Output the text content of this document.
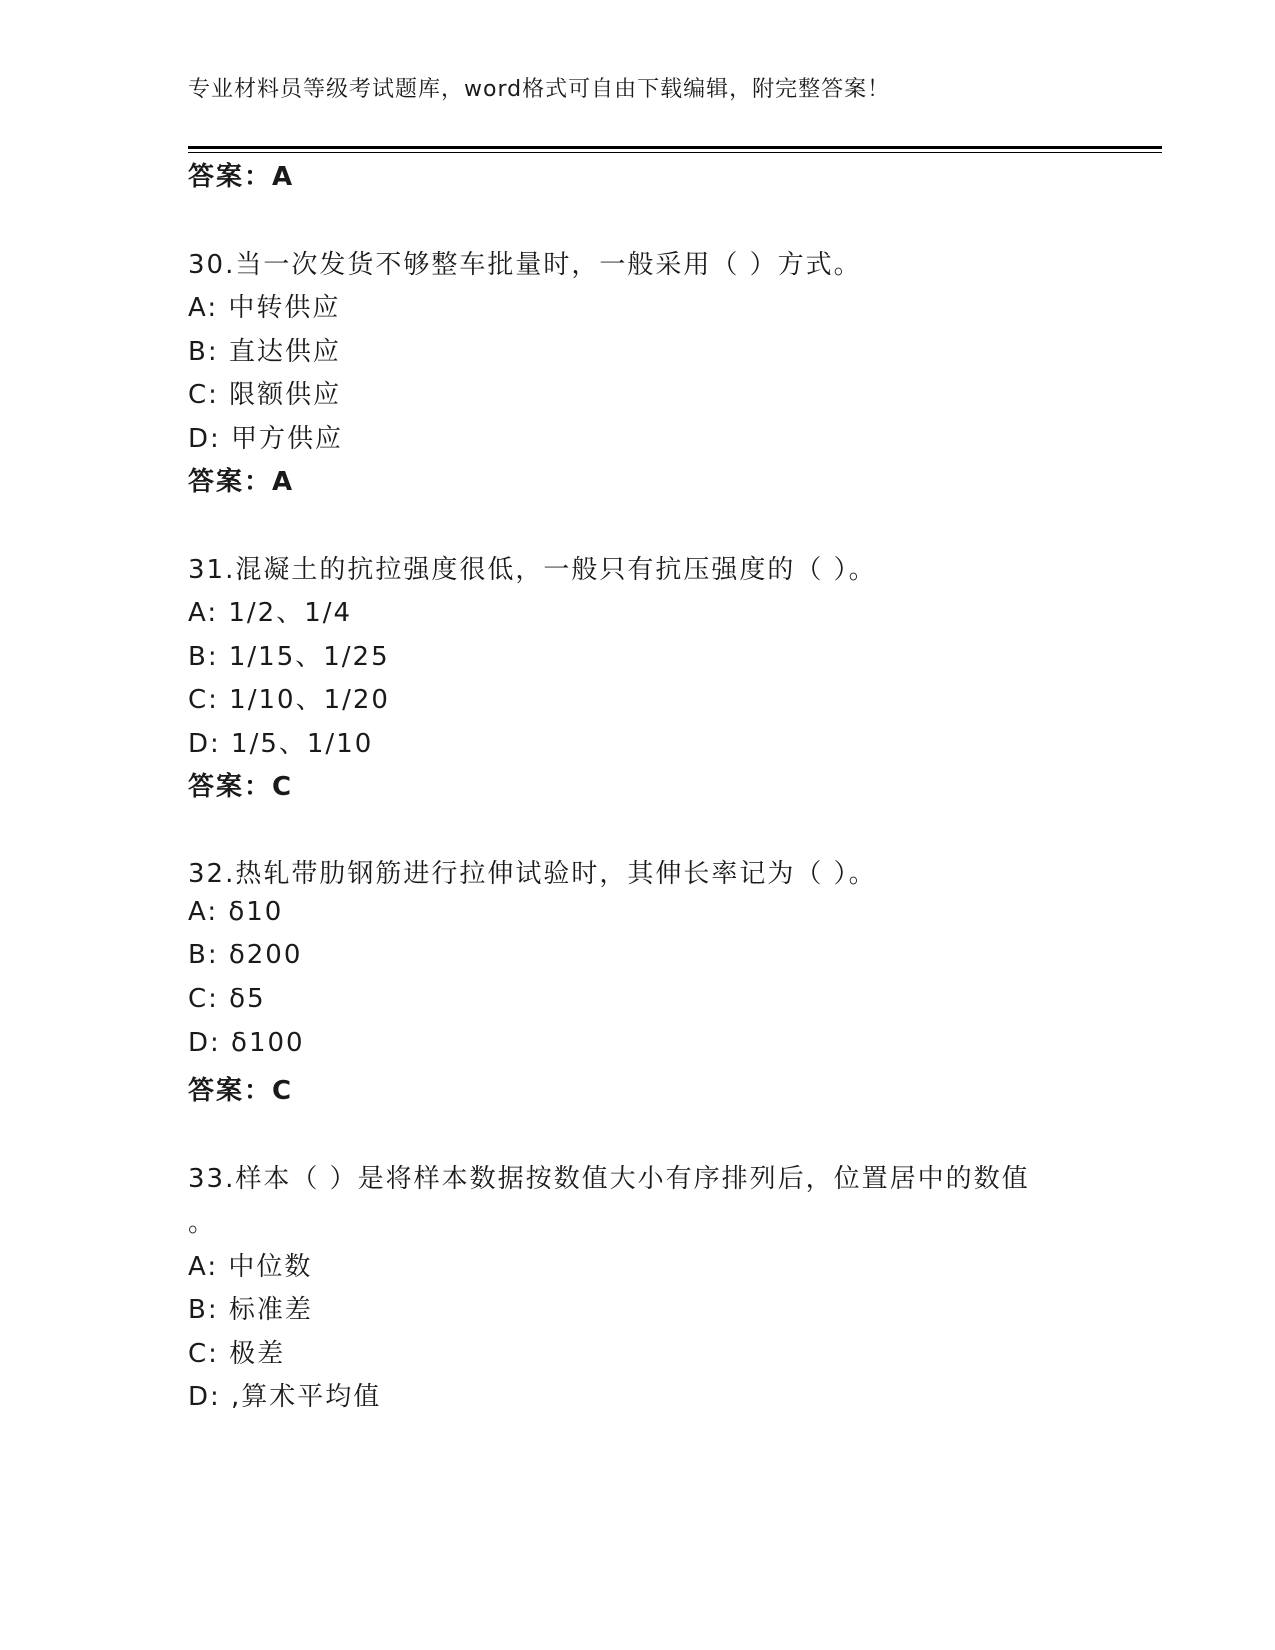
专业材料员等级考试题库，word格式可自由下载编辑，附完整答案！
答案：A
30.当一次发货不够整车批量时，一般采用（ ）方式。
A: 中转供应
B: 直达供应
C: 限额供应
D: 甲方供应
答案：A
31.混凝土的抗拉强度很低，一般只有抗压强度的（ ）。
A: 1/2、1/4
B: 1/15、1/25
C: 1/10、1/20
D: 1/5、1/10
答案：C
32.热轧带肋钢筋进行拉伸试验时，其伸长率记为（ ）。
A: δ10
B: δ200
C: δ5
D: δ100
答案：C
33.样本（ ）是将样本数据按数值大小有序排列后，位置居中的数值
。
A: 中位数
B: 标准差
C: 极差
D: ,算术平均值
